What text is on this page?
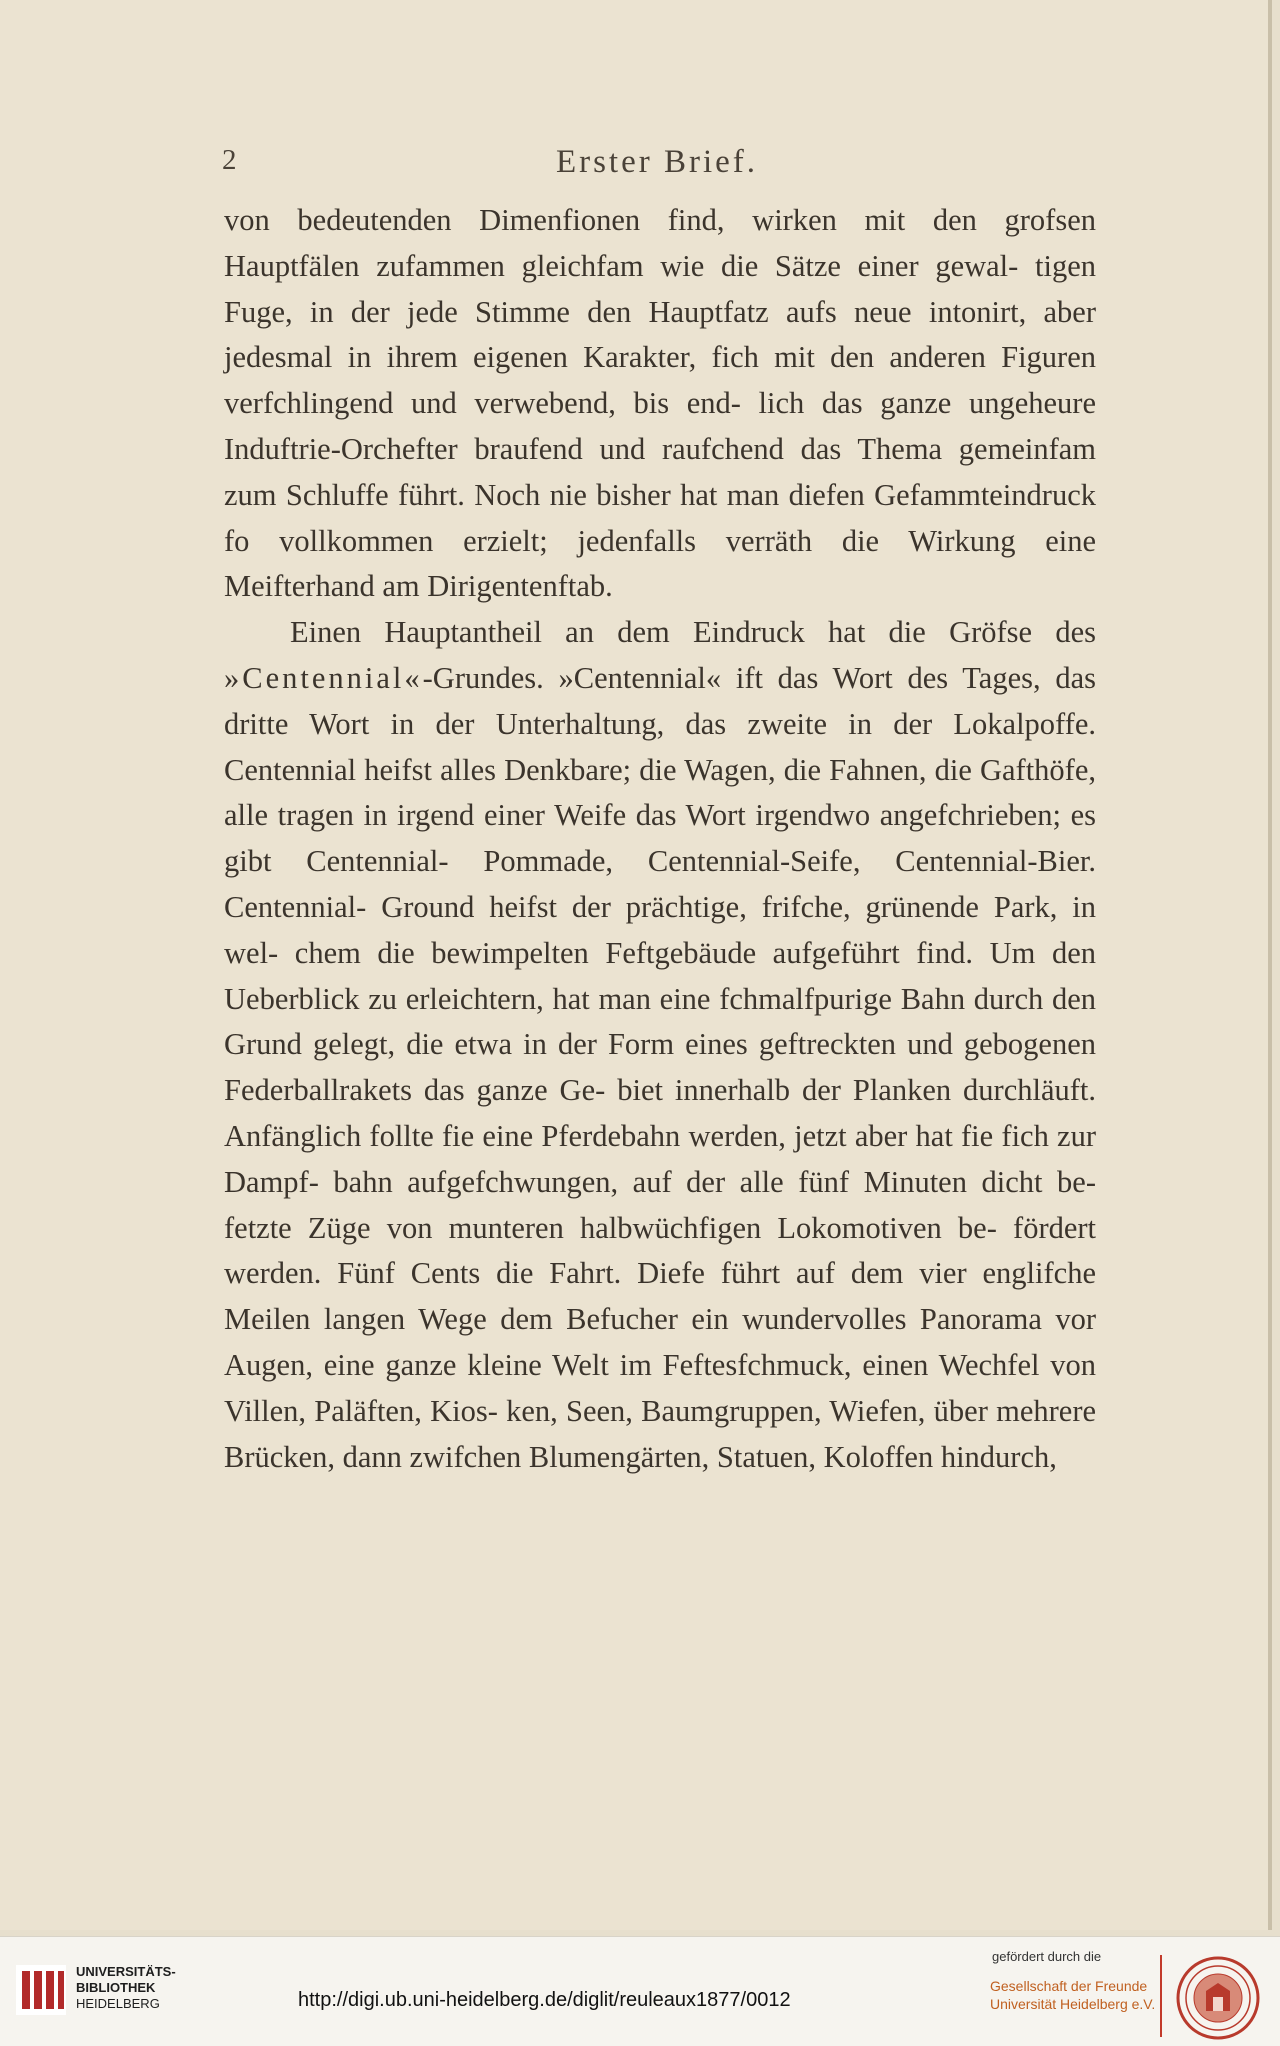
2	Erster Brief.

von bedeutenden Dimenfionen find, wirken mit den grofsen Hauptfälen zufammen gleichfam wie die Sätze einer gewal- tigen Fuge, in der jede Stimme den Hauptfatz aufs neue intonirt, aber jedesmal in ihrem eigenen Karakter, fich mit den anderen Figuren verfchlingend und verwebend, bis end- lich das ganze ungeheure Induftrie-Orchefter braufend und raufchend das Thema gemeinfam zum Schluffe führt. Noch nie bisher hat man diefen Gefammteindruck fo vollkommen erzielt; jedenfalls verräth die Wirkung eine Meifterhand am Dirigentenftab.

Einen Hauptantheil an dem Eindruck hat die Gröfse des »Centennial«-Grundes. »Centennial« ift das Wort des Tages, das dritte Wort in der Unterhaltung, das zweite in der Lokalpoffe. Centennial heifst alles Denkbare; die Wagen, die Fahnen, die Gafthöfe, alle tragen in irgend einer Weife das Wort irgendwo angefchrieben; es gibt Centennial- Pommade, Centennial-Seife, Centennial-Bier. Centennial- Ground heifst der prächtige, frifche, grünende Park, in wel- chem die bewimpelten Feftgebäude aufgeführt find. Um den Ueberblick zu erleichtern, hat man eine fchmalfpurige Bahn durch den Grund gelegt, die etwa in der Form eines geftreckten und gebogenen Federballrakets das ganze Ge- biet innerhalb der Planken durchläuft. Anfänglich follte fie eine Pferdebahn werden, jetzt aber hat fie fich zur Dampf- bahn aufgefchwungen, auf der alle fünf Minuten dicht be- fetzte Züge von munteren halbwüchfigen Lokomotiven be- fördert werden. Fünf Cents die Fahrt. Diefe führt auf dem vier englifche Meilen langen Wege dem Befucher ein wundervolles Panorama vor Augen, eine ganze kleine Welt im Feftesfchmuck, einen Wechfel von Villen, Paläften, Kios- ken, Seen, Baumgruppen, Wiefen, über mehrere Brücken, dann zwifchen Blumengärten, Statuen, Koloffen hindurch,

UNIVERSITÄTS-
BIBLIOTHEK
HEIDELBERG	http://digi.ub.uni-heidelberg.de/diglit/reuleaux1877/0012
gefördert durch die
Gesellschaft der Freunde
Universität Heidelberg e.V.
